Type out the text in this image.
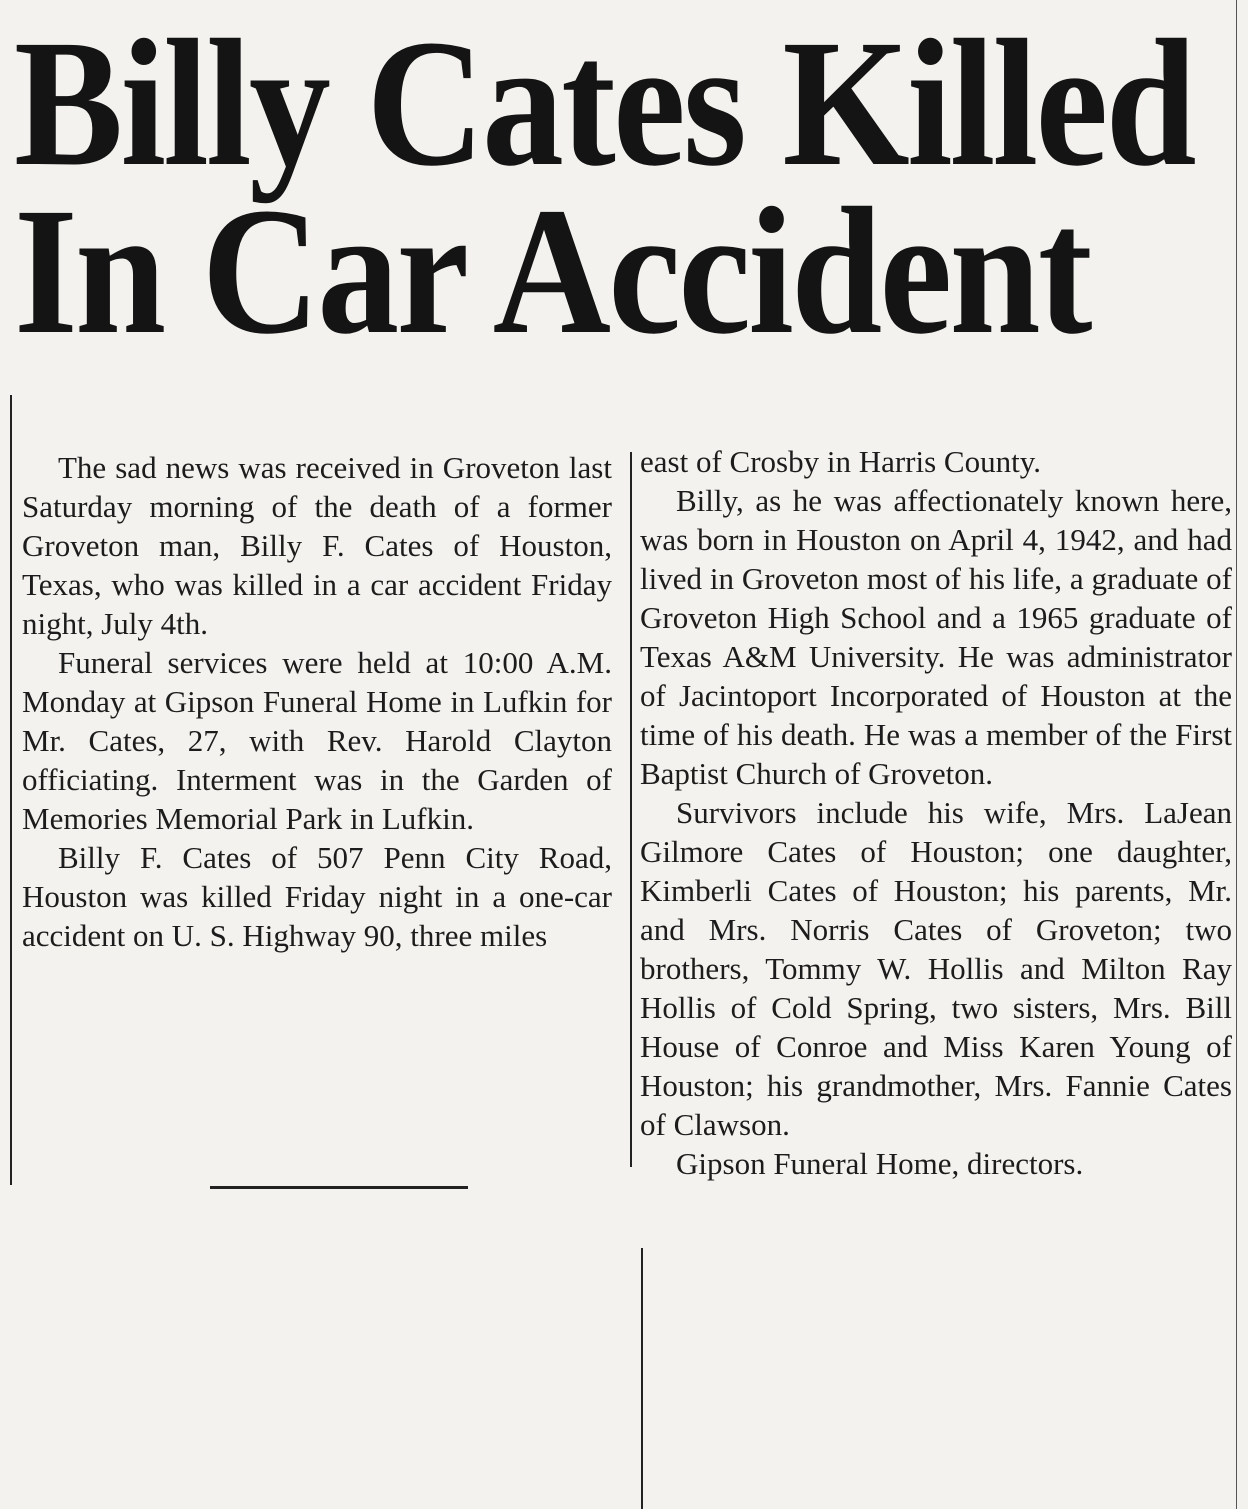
Billy Cates Killed
In Car Accident

The sad news was received in Groveton last Saturday morning of the death of a former Groveton man, Billy F. Cates of Houston, Texas, who was killed in a car accident Friday night, July 4th.

Funeral services were held at 10:00 A.M. Monday at Gipson Funeral Home in Lufkin for Mr. Cates, 27, with Rev. Harold Clayton officiating. Interment was in the Garden of Memories Memorial Park in Lufkin.

Billy F. Cates of 507 Penn City Road, Houston was killed Friday night in a one-car accident on U. S. Highway 90, three miles

east of Crosby in Harris County.

Billy, as he was affectionately known here, was born in Houston on April 4, 1942, and had lived in Groveton most of his life, a graduate of Groveton High School and a 1965 graduate of Texas A&M University. He was administrator of Jacintoport Incorporated of Houston at the time of his death. He was a member of the First Baptist Church of Groveton.

Survivors include his wife, Mrs. LaJean Gilmore Cates of Houston; one daughter, Kimberli Cates of Houston; his parents, Mr. and Mrs. Norris Cates of Groveton; two brothers, Tommy W. Hollis and Milton Ray Hollis of Cold Spring, two sisters, Mrs. Bill House of Conroe and Miss Karen Young of Houston; his grandmother, Mrs. Fannie Cates of Clawson.

Gipson Funeral Home, directors.
